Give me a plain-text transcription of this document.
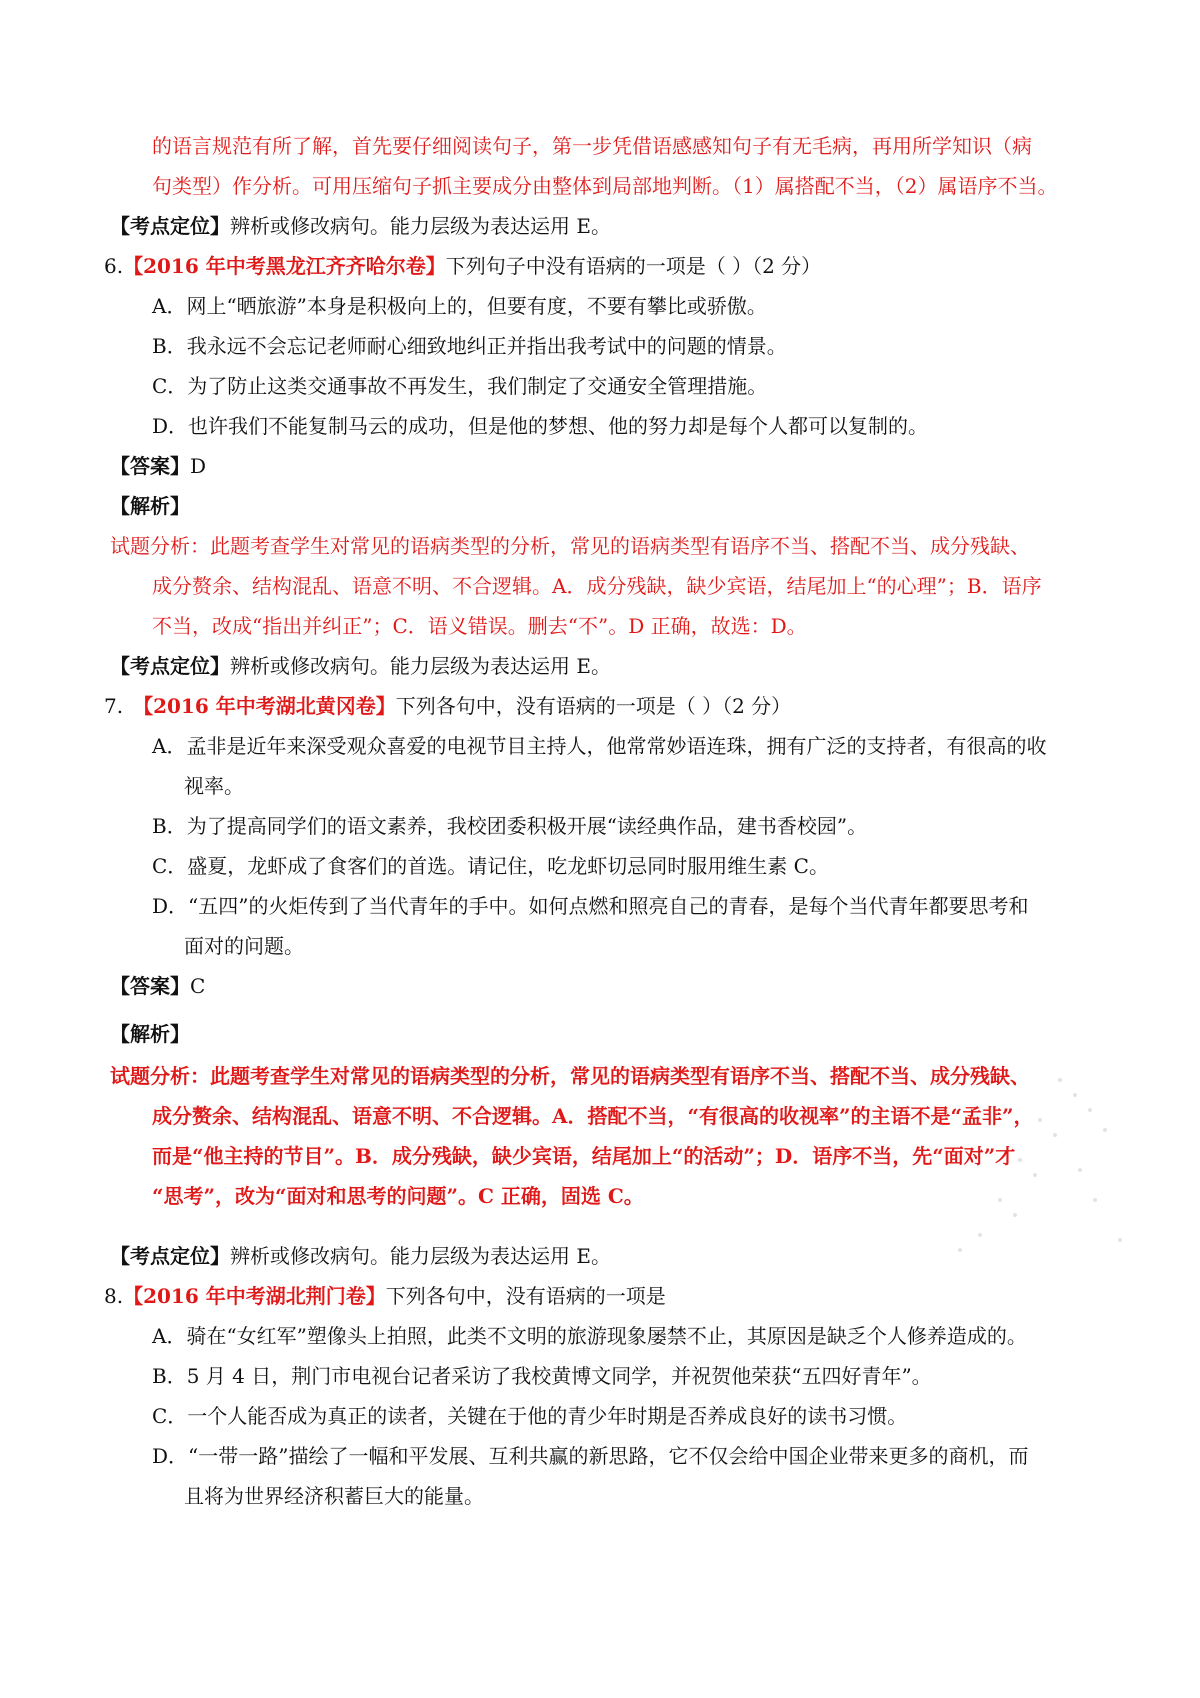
的语言规范有所了解，首先要仔细阅读句子，第一步凭借语感感知句子有无毛病，再用所学知识（病
句类型）作分析。可用压缩句子抓主要成分由整体到局部地判断。（1）属搭配不当，（2）属语序不当。
【考点定位】辨析或修改病句。能力层级为表达运用 E。
6.【2016 年中考黑龙江齐齐哈尔卷】下列句子中没有语病的一项是（ ）（2 分）
A．网上“晒旅游”本身是积极向上的，但要有度，不要有攀比或骄傲。
B．我永远不会忘记老师耐心细致地纠正并指出我考试中的问题的情景。
C．为了防止这类交通事故不再发生，我们制定了交通安全管理措施。
D．也许我们不能复制马云的成功，但是他的梦想、他的努力却是每个人都可以复制的。
【答案】D
【解析】
试题分析：此题考查学生对常见的语病类型的分析，常见的语病类型有语序不当、搭配不当、成分残缺、
成分赘余、结构混乱、语意不明、不合逻辑。A．成分残缺，缺少宾语，结尾加上“的心理”；B．语序
不当，改成“指出并纠正”；C．语义错误。删去“不”。D 正确，故选：D。
【考点定位】辨析或修改病句。能力层级为表达运用 E。
7. 【2016 年中考湖北黄冈卷】下列各句中，没有语病的一项是（ ）（2 分）
A．孟非是近年来深受观众喜爱的电视节目主持人，他常常妙语连珠，拥有广泛的支持者，有很高的收
视率。
B．为了提高同学们的语文素养，我校团委积极开展“读经典作品，建书香校园”。
C．盛夏，龙虾成了食客们的首选。请记住，吃龙虾切忌同时服用维生素 C。
D．“五四”的火炬传到了当代青年的手中。如何点燃和照亮自己的青春，是每个当代青年都要思考和
面对的问题。
【答案】C
【解析】
试题分析：此题考查学生对常见的语病类型的分析，常见的语病类型有语序不当、搭配不当、成分残缺、
成分赘余、结构混乱、语意不明、不合逻辑。A．搭配不当，“有很高的收视率”的主语不是“孟非”，
而是“他主持的节目”。B．成分残缺，缺少宾语，结尾加上“的活动”；D．语序不当，先“面对”才
“思考”，改为“面对和思考的问题”。C 正确，固选 C。
【考点定位】辨析或修改病句。能力层级为表达运用 E。
8.【2016 年中考湖北荆门卷】下列各句中，没有语病的一项是
A．骑在“女红军”塑像头上拍照，此类不文明的旅游现象屡禁不止，其原因是缺乏个人修养造成的。
B．5 月 4 日，荆门市电视台记者采访了我校黄博文同学，并祝贺他荣获“五四好青年”。
C．一个人能否成为真正的读者，关键在于他的青少年时期是否养成良好的读书习惯。
D．“一带一路”描绘了一幅和平发展、互利共赢的新思路，它不仅会给中国企业带来更多的商机，而
且将为世界经济积蓄巨大的能量。
